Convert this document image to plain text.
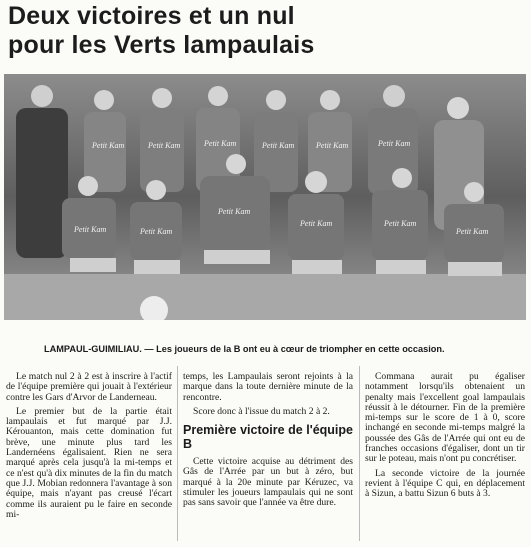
Deux victoires et un nul
pour les Verts lampaulais
Petit Kam	Petit Kam	Petit Kam	Petit Kam	Petit Kam	Petit Kam
Petit Kam	Petit Kam
Petit Kam
Petit Kam	Petit Kam
Petit Kam
LAMPAUL-GUIMILIAU. — Les joueurs de la B ont eu à cœur de triompher en cette occasion.

Le match nul 2 à 2 est à inscrire à l'actif de l'équipe première qui jouait à l'extérieur contre les Gars d'Arvor de Landerneau.

Le premier but de la partie était lampaulais et fut marqué par J.J. Kérouanton, mais cette domination fut brève, une minute plus tard les Landernéens égalisaient. Rien ne sera marqué après cela jusqu'à la mi-temps et ce n'est qu'à dix minutes de la fin du match que J.J. Mobian redonnera l'avantage à son équipe, mais n'ayant pas creusé l'écart comme ils auraient pu le faire en seconde mi-

temps, les Lampaulais seront rejoints à la marque dans la toute dernière minute de la rencontre.

Score donc à l'issue du match 2 à 2.

Première victoire de l'équipe B

Cette victoire acquise au détriment des Gâs de l'Arrée par un but à zéro, but marqué à la 20e minute par Kéruzec, va stimuler les joueurs lampaulais qui ne sont pas sans savoir que l'année va être dure.

Commana aurait pu égaliser notamment lorsqu'ils obtenaient un penalty mais l'excellent goal lampaulais réussit à le détourner. Fin de la première mi-temps sur le score de 1 à 0, score inchangé en seconde mi-temps malgré la poussée des Gâs de l'Arrée qui ont eu de franches occasions d'égaliser, dont un tir sur le poteau, mais n'ont pu concrétiser.

La seconde victoire de la journée revient à l'équipe C qui, en déplacement à Sizun, a battu Sizun 6 buts à 3.
